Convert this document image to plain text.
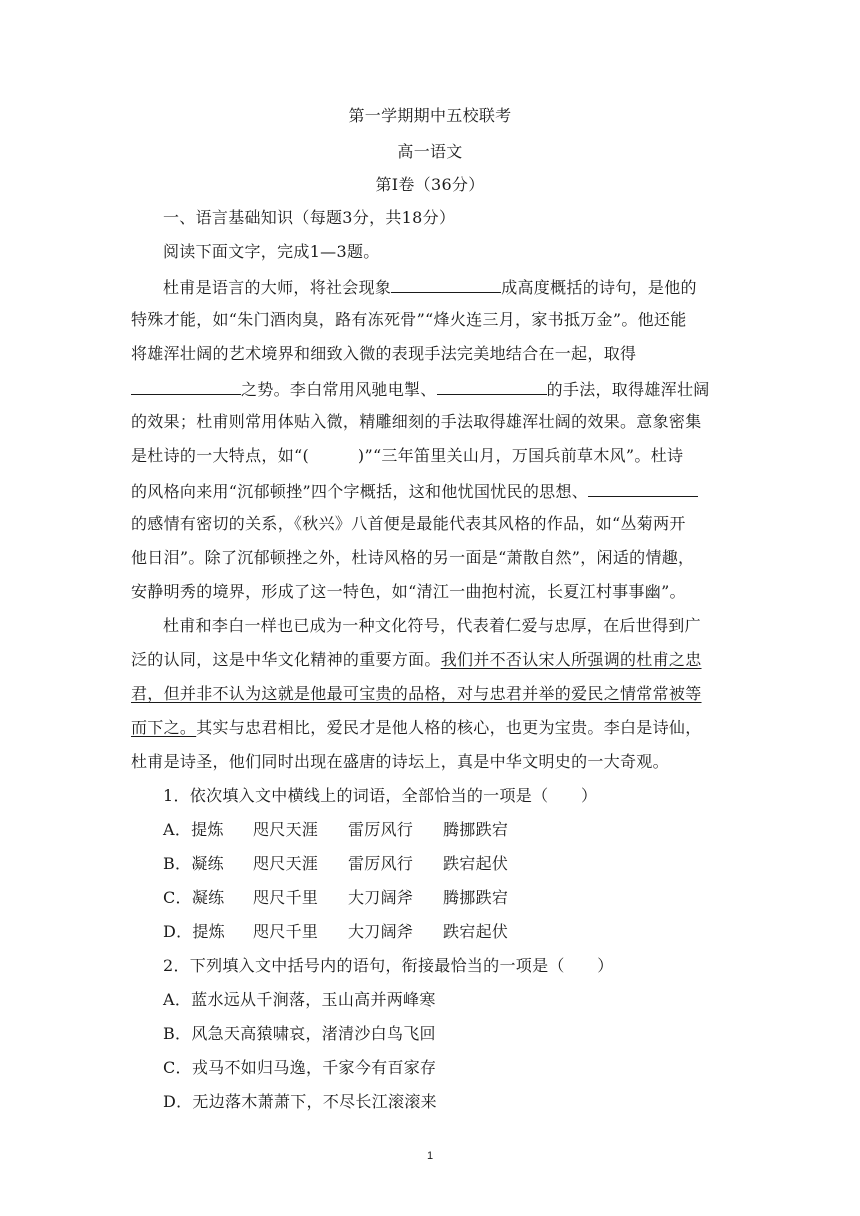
第一学期期中五校联考
高一语文
第Ⅰ卷（36分）
一、语言基础知识（每题3分，共18分）
阅读下面文字，完成1—3题。
杜甫是语言的大师，将社会现象	成高度概括的诗句，是他的
特殊才能，如“朱门酒肉臭，路有冻死骨”“烽火连三月，家书抵万金”。他还能
将雄浑壮阔的艺术境界和细致入微的表现手法完美地结合在一起，取得
之势。李白常用风驰电掣、	的手法，取得雄浑壮阔
的效果；杜甫则常用体贴入微，精雕细刻的手法取得雄浑壮阔的效果。意象密集
是杜诗的一大特点，如“(　　　)”“三年笛里关山月，万国兵前草木风”。杜诗
的风格向来用“沉郁顿挫”四个字概括，这和他忧国忧民的思想、
的感情有密切的关系，《秋兴》八首便是最能代表其风格的作品，如“丛菊两开
他日泪”。除了沉郁顿挫之外，杜诗风格的另一面是“萧散自然”，闲适的情趣，
安静明秀的境界，形成了这一特色，如“清江一曲抱村流，长夏江村事事幽”。
杜甫和李白一样也已成为一种文化符号，代表着仁爱与忠厚，在后世得到广
泛的认同，这是中华文化精神的重要方面。我们并不否认宋人所强调的杜甫之忠
君，但并非不认为这就是他最可宝贵的品格，对与忠君并举的爱民之情常常被等
而下之。其实与忠君相比，爱民才是他人格的核心，也更为宝贵。李白是诗仙，
杜甫是诗圣，他们同时出现在盛唐的诗坛上，真是中华文明史的一大奇观。
1．依次填入文中横线上的词语，全部恰当的一项是（　　）
A．提炼 咫尺天涯 雷厉风行 腾挪跌宕
B．凝练 咫尺天涯 雷厉风行 跌宕起伏
C．凝练 咫尺千里 大刀阔斧 腾挪跌宕
D．提炼 咫尺千里 大刀阔斧 跌宕起伏
2．下列填入文中括号内的语句，衔接最恰当的一项是（　　）
A．蓝水远从千涧落，玉山高并两峰寒
B．风急天高猿啸哀，渚清沙白鸟飞回
C．戎马不如归马逸，千家今有百家存
D．无边落木萧萧下，不尽长江滚滚来
1
